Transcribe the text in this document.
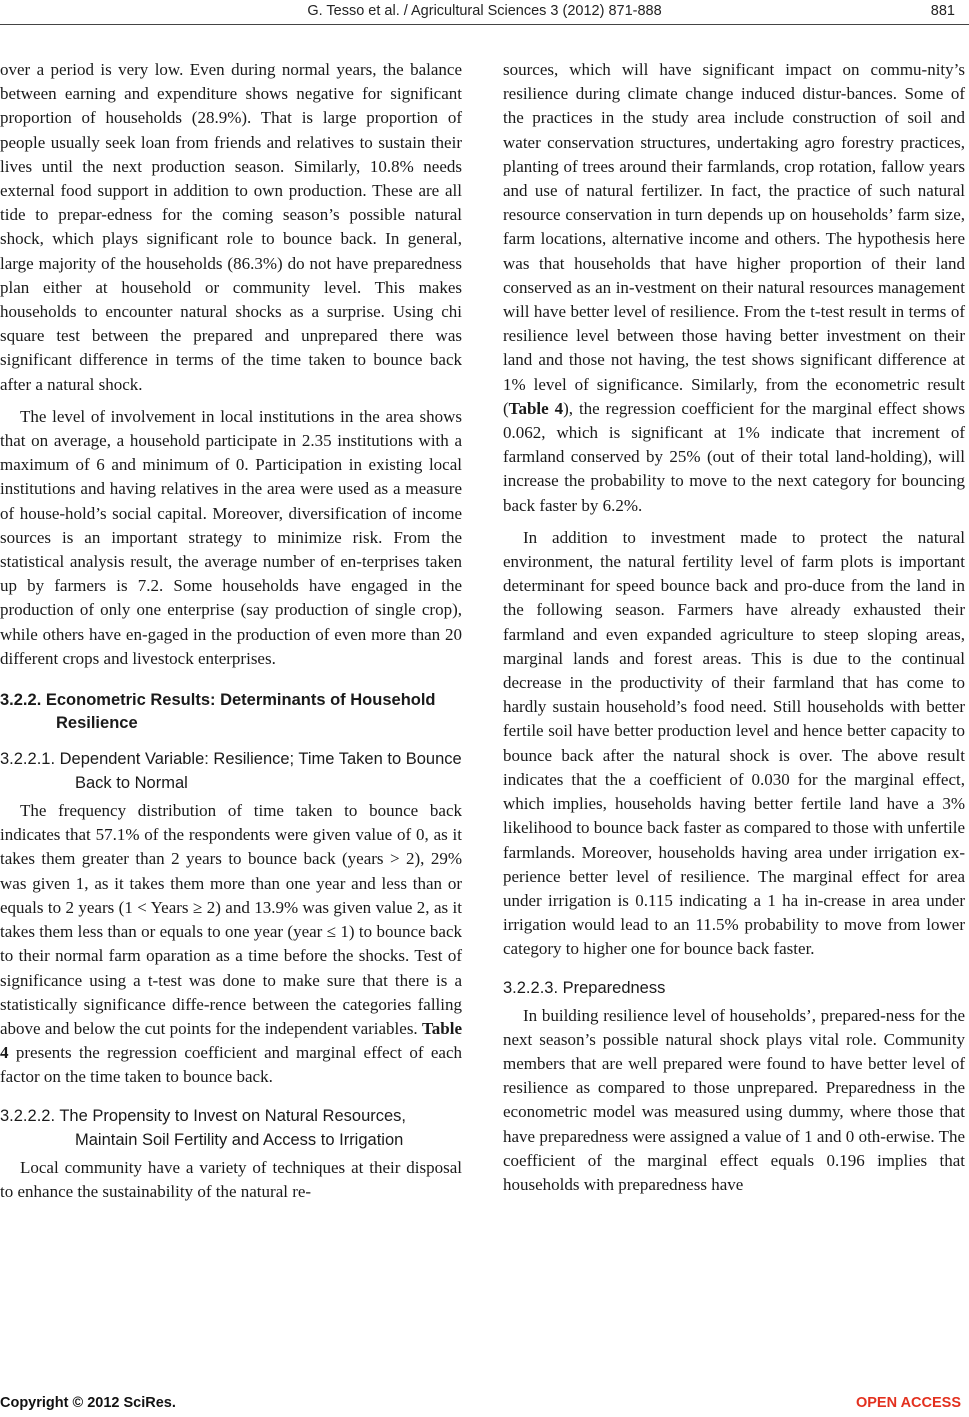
G. Tesso et al. / Agricultural Sciences 3 (2012) 871-888	881

over a period is very low. Even during normal years, the balance between earning and expenditure shows negative for significant proportion of households (28.9%). That is large proportion of people usually seek loan from friends and relatives to sustain their lives until the next production season. Similarly, 10.8% needs external food support in addition to own production. These are all tide to prepar-edness for the coming season’s possible natural shock, which plays significant role to bounce back. In general, large majority of the households (86.3%) do not have preparedness plan either at household or community level. This makes households to encounter natural shocks as a surprise. Using chi square test between the prepared and unprepared there was significant difference in terms of the time taken to bounce back after a natural shock.

The level of involvement in local institutions in the area shows that on average, a household participate in 2.35 institutions with a maximum of 6 and minimum of 0. Participation in existing local institutions and having relatives in the area were used as a measure of house-hold’s social capital. Moreover, diversification of income sources is an important strategy to minimize risk. From the statistical analysis result, the average number of en-terprises taken up by farmers is 7.2. Some households have engaged in the production of only one enterprise (say production of single crop), while others have en-gaged in the production of even more than 20 different crops and livestock enterprises.

3.2.2. Econometric Results: Determinants of Household Resilience
3.2.2.1. Dependent Variable: Resilience; Time Taken to Bounce Back to Normal

The frequency distribution of time taken to bounce back indicates that 57.1% of the respondents were given value of 0, as it takes them greater than 2 years to bounce back (years > 2), 29% was given 1, as it takes them more than one year and less than or equals to 2 years (1 < Years ≥ 2) and 13.9% was given value 2, as it takes them less than or equals to one year (year ≤ 1) to bounce back to their normal farm oparation as a time before the shocks. Test of significance using a t-test was done to make sure that there is a statistically significance diffe-rence between the categories falling above and below the cut points for the independent variables. Table 4 presents the regression coefficient and marginal effect of each factor on the time taken to bounce back.

3.2.2.2. The Propensity to Invest on Natural Resources, Maintain Soil Fertility and Access to Irrigation

Local community have a variety of techniques at their disposal to enhance the sustainability of the natural re-

sources, which will have significant impact on commu-nity’s resilience during climate change induced distur-bances. Some of the practices in the study area include construction of soil and water conservation structures, undertaking agro forestry practices, planting of trees around their farmlands, crop rotation, fallow years and use of natural fertilizer. In fact, the practice of such natural resource conservation in turn depends up on households’ farm size, farm locations, alternative income and others. The hypothesis here was that households that have higher proportion of their land conserved as an in-vestment on their natural resources management will have better level of resilience. From the t-test result in terms of resilience level between those having better investment on their land and those not having, the test shows significant difference at 1% level of significance. Similarly, from the econometric result (Table 4), the regression coefficient for the marginal effect shows 0.062, which is significant at 1% indicate that increment of farmland conserved by 25% (out of their total land-holding), will increase the probability to move to the next category for bouncing back faster by 6.2%.

In addition to investment made to protect the natural environment, the natural fertility level of farm plots is important determinant for speed bounce back and pro-duce from the land in the following season. Farmers have already exhausted their farmland and even expanded agriculture to steep sloping areas, marginal lands and forest areas. This is due to the continual decrease in the productivity of their farmland that has come to hardly sustain household’s food need. Still households with better fertile soil have better production level and hence better capacity to bounce back after the natural shock is over. The above result indicates that the a coefficient of 0.030 for the marginal effect, which implies, households having better fertile land have a 3% likelihood to bounce back faster as compared to those with unfertile farmlands. Moreover, households having area under irrigation ex-perience better level of resilience. The marginal effect for area under irrigation is 0.115 indicating a 1 ha in-crease in area under irrigation would lead to an 11.5% probability to move from lower category to higher one for bounce back faster.

3.2.2.3. Preparedness

In building resilience level of households’, prepared-ness for the next season’s possible natural shock plays vital role. Community members that are well prepared were found to have better level of resilience as compared to those unprepared. Preparedness in the econometric model was measured using dummy, where those that have preparedness were assigned a value of 1 and 0 oth-erwise. The coefficient of the marginal effect equals 0.196 implies that households with preparedness have

Copyright © 2012 SciRes.	OPEN ACCESS
